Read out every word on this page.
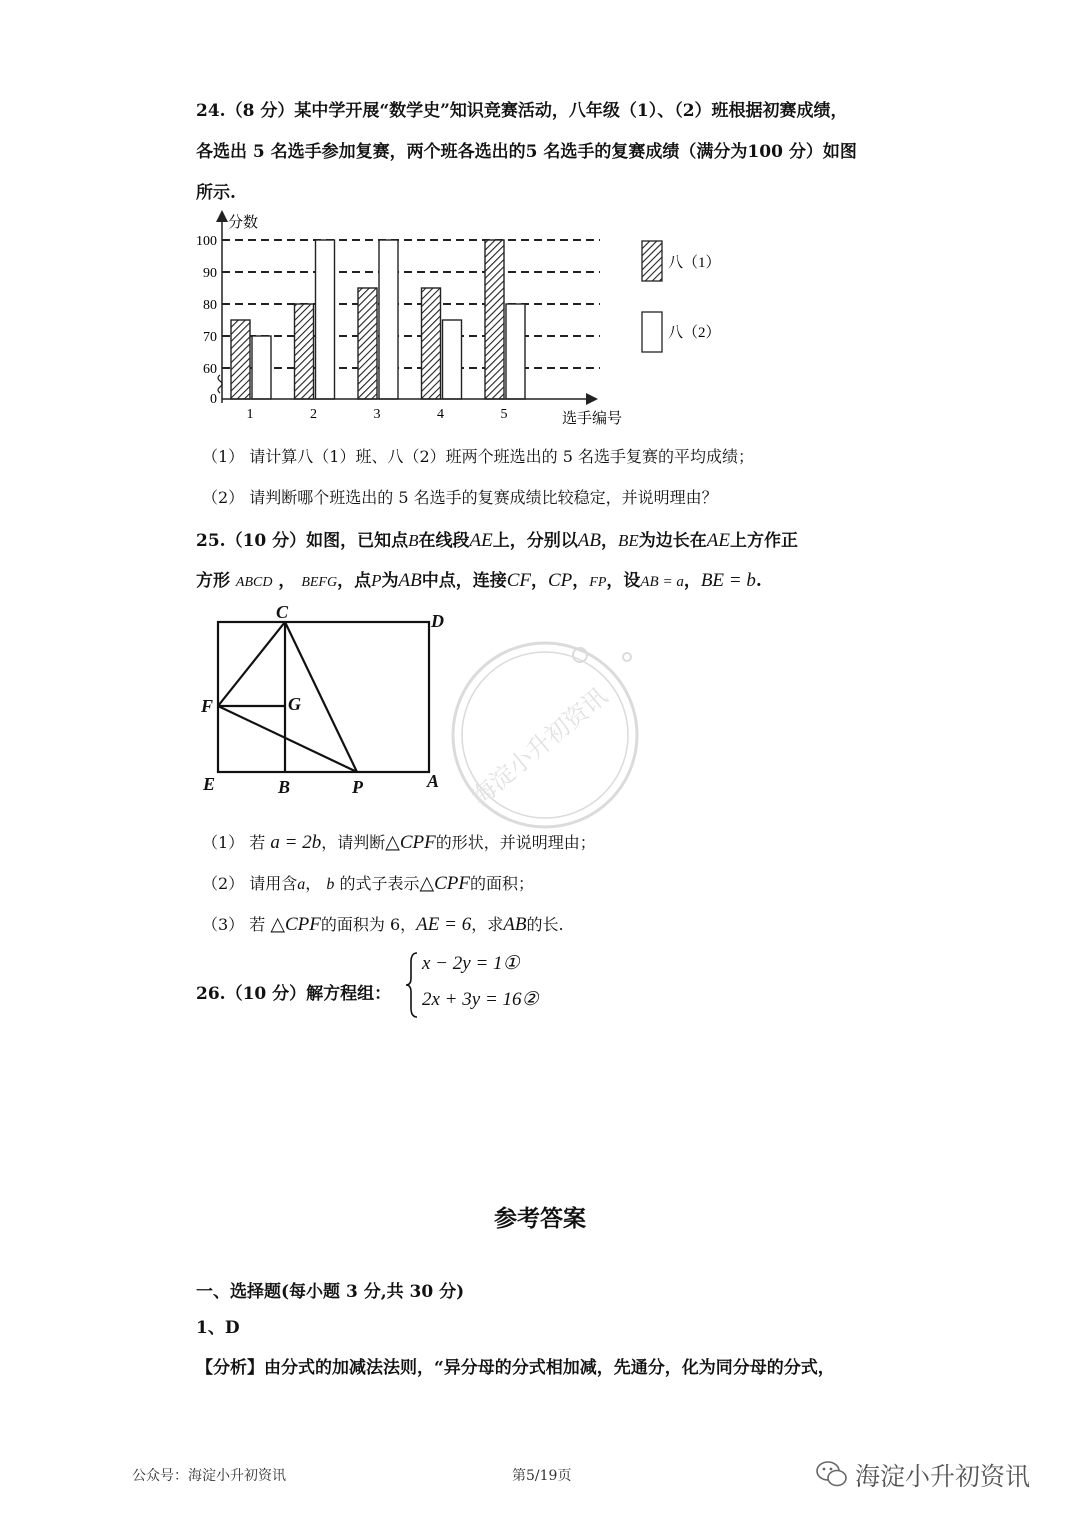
24.（8 分）某中学开展“数学史”知识竞赛活动，八年级（1）、（2）班根据初赛成绩，
各选出 5 名选手参加复赛，两个班各选出的5 名选手的复赛成绩（满分为100 分）如图
所示.
分数
选手编号
0
60
70
80
90
100
1	2	3	4	5
八（1）
八（2）
（1） 请计算八（1）班、八（2）班两个班选出的 5 名选手复赛的平均成绩；
（2） 请判断哪个班选出的 5 名选手的复赛成绩比较稳定，并说明理由？
25.（10 分）如图，已知点B在线段AE上，分别以AB，BE为边长在AE上方作正
方形 ABCD ， BEFG，点P为AB中点，连接CF，CP，FP，设AB = a，BE = b.
C	D
F	G
E	B	P	A
（1） 若 a = 2b，请判断△CPF的形状，并说明理由；
（2） 请用含a， b 的式子表示△CPF的面积；
（3） 若 △CPF的面积为 6，AE = 6，求AB的长.
26.（10 分）解方程组：
x − 2y = 1①
2x + 3y = 16②
参考答案
一、选择题(每小题 3 分,共 30 分)
1、D
【分析】由分式的加减法法则，“异分母的分式相加减，先通分，化为同分母的分式，
公众号：海淀小升初资讯	第5/19页	海淀小升初资讯
海淀小升初资讯
